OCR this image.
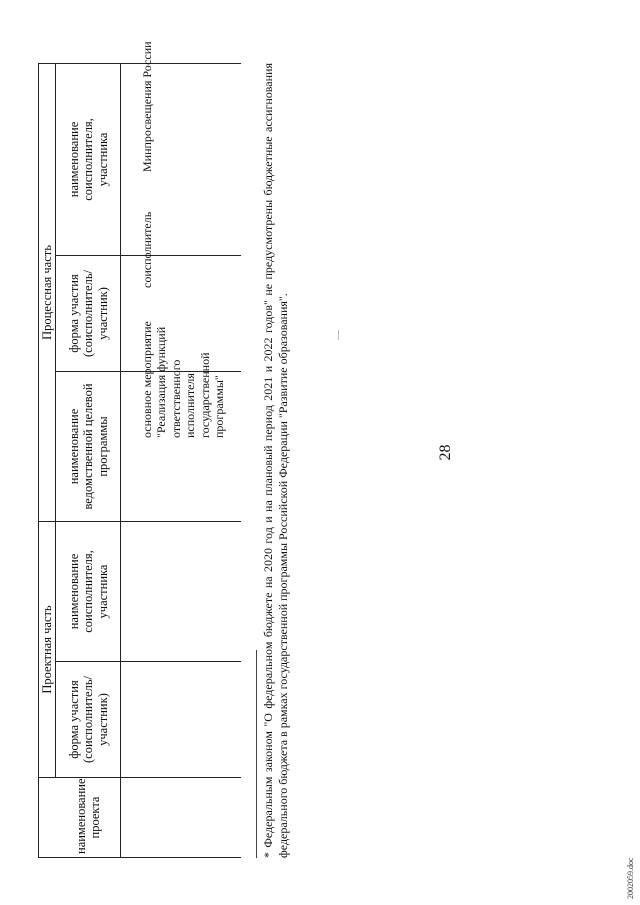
28
	Проектная часть		Процессная часть		
наименование
проекта	форма участия
(соисполнитель/
участник)	наименование
соисполнителя,
участника	наименование
ведомственной целевой
программы	форма участия
(соисполнитель/
участник)	наименование
соисполнителя,
участника

основное мероприятие
"Реализация функций
ответственного
исполнителя
государственной
программы"
соисполнитель
Минпросвещения России	* Федеральным законом "О федеральном бюджете на 2020 год и на плановый период 2021 и 2022 годов" не предусмотрены бюджетные ассигнования федерального бюджета в рамках государственной программы Российской Федерации "Развитие образования".
2002059.doc
